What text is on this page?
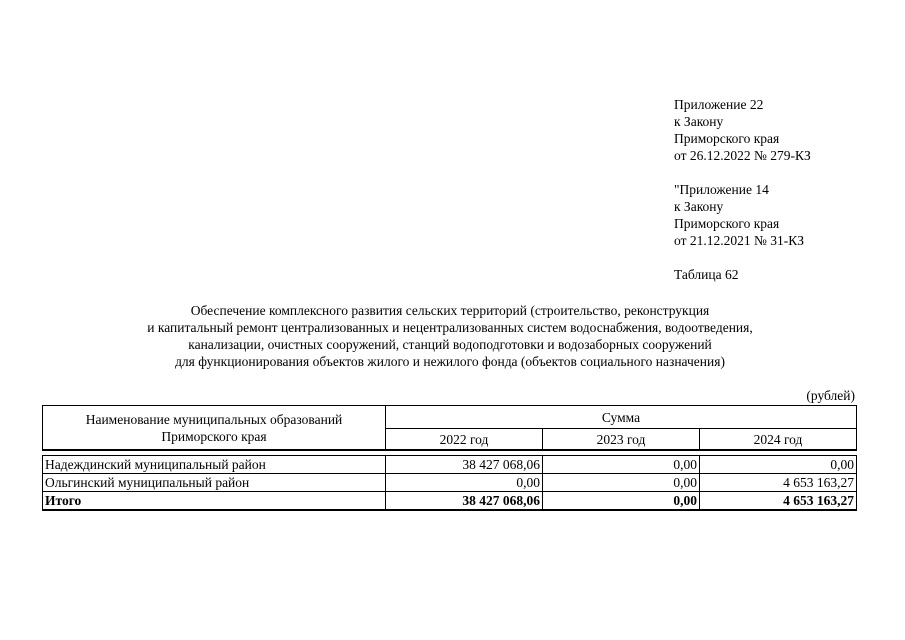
Приложение 22
к Закону
Приморского края
от 26.12.2022 № 279-КЗ
"Приложение 14
к Закону
Приморского края
от 21.12.2021 № 31-КЗ
Таблица 62
Обеспечение комплексного развития сельских территорий (строительство, реконструкция
и капитальный ремонт централизованных и нецентрализованных систем водоснабжения, водоотведения,
канализации, очистных сооружений, станций водоподготовки и водозаборных сооружений
для функционирования объектов жилого и нежилого фонда (объектов социального назначения)
(рублей)
Наименование муниципальных образований
Приморского края	Сумма		
	2022 год	2023 год	2024 год

Надеждинский муниципальный район	38 427 068,06	0,00	0,00
Ольгинский муниципальный район	0,00	0,00	4 653 163,27
Итого	38 427 068,06	0,00	4 653 163,27
